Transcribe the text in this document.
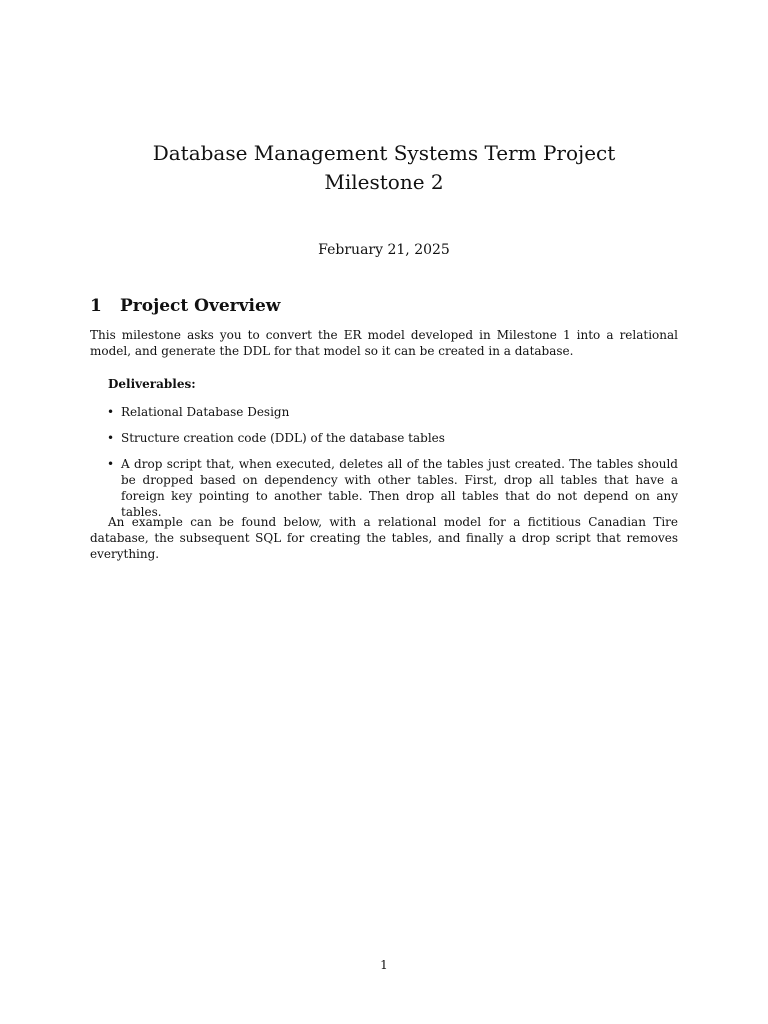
Database Management Systems Term Project
Milestone 2
February 21, 2025
1 Project Overview
This milestone asks you to convert the ER model developed in Milestone 1 into a relational model, and generate the DDL for that model so it can be created in a database.
Deliverables:
• Relational Database Design
• Structure creation code (DDL) of the database tables
• A drop script that, when executed, deletes all of the tables just created. The tables should be dropped based on dependency with other tables. First, drop all tables that have a foreign key pointing to another table. Then drop all tables that do not depend on any tables.
An example can be found below, with a relational model for a fictitious Canadian Tire database, the subsequent SQL for creating the tables, and finally a drop script that removes everything.
1
